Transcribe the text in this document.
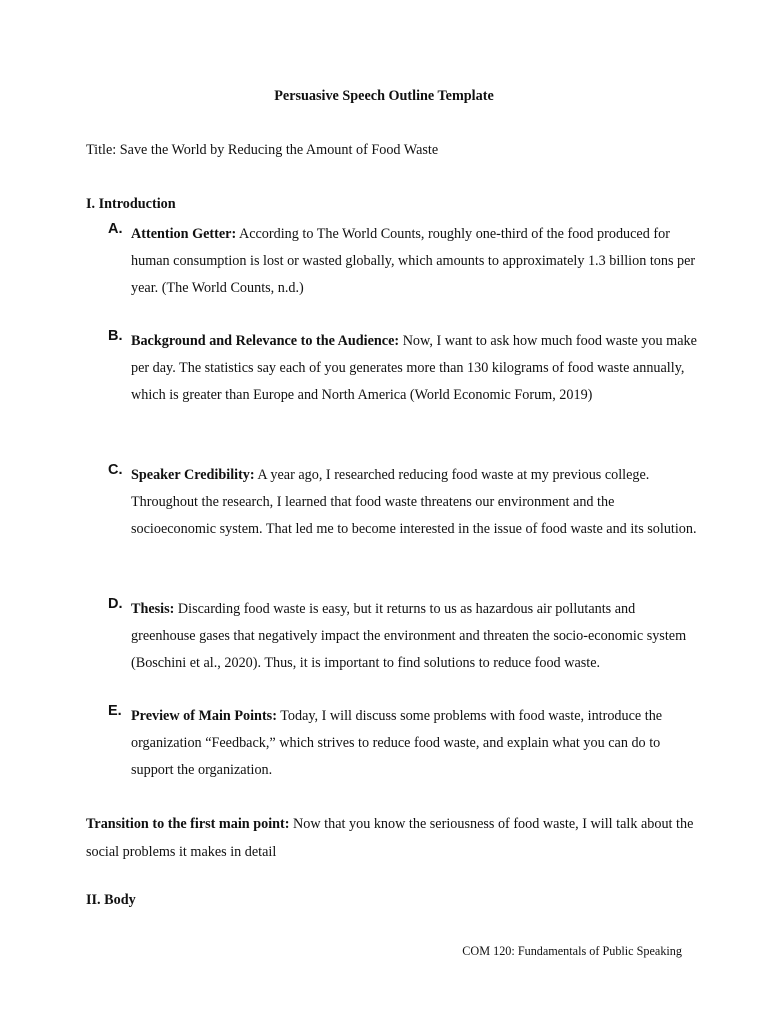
Persuasive Speech Outline Template
Title: Save the World by Reducing the Amount of Food Waste
I. Introduction
A. Attention Getter: According to The World Counts, roughly one-third of the food produced for human consumption is lost or wasted globally, which amounts to approximately 1.3 billion tons per year. (The World Counts, n.d.)
B. Background and Relevance to the Audience: Now, I want to ask how much food waste you make per day. The statistics say each of you generates more than 130 kilograms of food waste annually, which is greater than Europe and North America (World Economic Forum, 2019)
C. Speaker Credibility: A year ago, I researched reducing food waste at my previous college. Throughout the research, I learned that food waste threatens our environment and the socioeconomic system. That led me to become interested in the issue of food waste and its solution.
D. Thesis: Discarding food waste is easy, but it returns to us as hazardous air pollutants and greenhouse gases that negatively impact the environment and threaten the socio-economic system (Boschini et al., 2020). Thus, it is important to find solutions to reduce food waste.
E. Preview of Main Points: Today, I will discuss some problems with food waste, introduce the organization “Feedback,” which strives to reduce food waste, and explain what you can do to support the organization.
Transition to the first main point: Now that you know the seriousness of food waste, I will talk about the social problems it makes in detail
II. Body
COM 120: Fundamentals of Public Speaking
